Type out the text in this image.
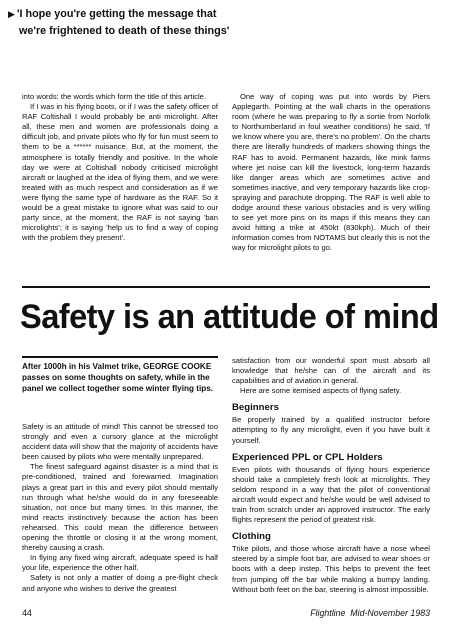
▶ 'I hope you're getting the message that
we're frightened to death of these things'

into words: the words which form the title of this article.

If I was in his flying boots, or if I was the safety officer of RAF Coltishall I would probably be anti microlight. After all, these men and women are professionals doing a difficult job, and private pilots who fly for fun must seem to them to be a ****** nuisance. But, at the moment, the atmosphere is totally friendly and positive. In the whole day we were at Coltishall nobody criticised microlight aircraft or laughed at the idea of flying them, and we were treated with as much respect and consideration as if we were flying the same type of hardware as the RAF. So it would be a great mistake to ignore what was said to our party since, at the moment, the RAF is not saying 'ban microlights'; it is saying 'help us to find a way of coping with the problem they present'.

One way of coping was put into words by Piers Applegarth. Pointing at the wall charts in the operations room (where he was preparing to fly a sortie from Norfolk to Northumberland in foul weather conditions) he said, 'If we know where you are, there's no problem'. On the charts there are literally hundreds of markers showing things the RAF has to avoid. Permanent hazards, like mink farms where jet noise can kill the livestock, long-term hazards like danger areas which are sometimes active and sometimes inactive, and very temporary hazards like crop-spraying and parachute dropping. The RAF is well able to dodge around these various obstacles and is very willing to see yet more pins on its maps if this means they can avoid hitting a trike at 450kt (830kph). Much of their information comes from NOTAMS but clearly this is not the way for microlight pilots to go.

Safety is an attitude of mind
After 1000h in his Valmet trike, GEORGE COOKE passes on some thoughts on safety, while in the panel we collect together some winter flying tips.

Safety is an attitude of mind! This cannot be stressed too strongly and even a cursory glance at the microlight accident data will show that the majority of accidents have been caused by pilots who were mentally unprepared.

The finest safeguard against disaster is a mind that is pre-conditioned, trained and forewarned. Imagination plays a great part in this and every pilot should mentally run through what he/she would do in any foreseeable situation, not once but many times. In this manner, the mind reacts instinctively because the action has been rehearsed. This could mean the difference between opening the throttle or closing it at the wrong moment, thereby causing a crash.

In flying any fixed wing aircraft, adequate speed is half your life, experience the other half.

Safety is not only a matter of doing a pre-flight check and anyone who wishes to derive the greatest

satisfaction from our wonderful sport must absorb all knowledge that he/she can of the aircraft and its capabilities and of aviation in general.

Here are some itemised aspects of flying safety.

Beginners

Be properly trained by a qualified instructor before attempting to fly any microlight, even if you have built it yourself.

Experienced PPL or CPL Holders

Even pilots with thousands of flying hours experience should take a completely fresh look at microlights. They seldom respond in a way that the pilot of conventional aircraft would expect and he/she would be well advised to train from scratch under an approved instructor. The early flights represent the period of greatest risk.

Clothing

Trike pilots, and those whose aircraft have a nose wheel steered by a simple foot bar, are advised to wear shoes or boots with a deep instep. This helps to prevent the feet from jumping off the bar while making a bumpy landing. Without both feet on the bar, steering is almost impossible.

44	Flightline Mid-November 1983
